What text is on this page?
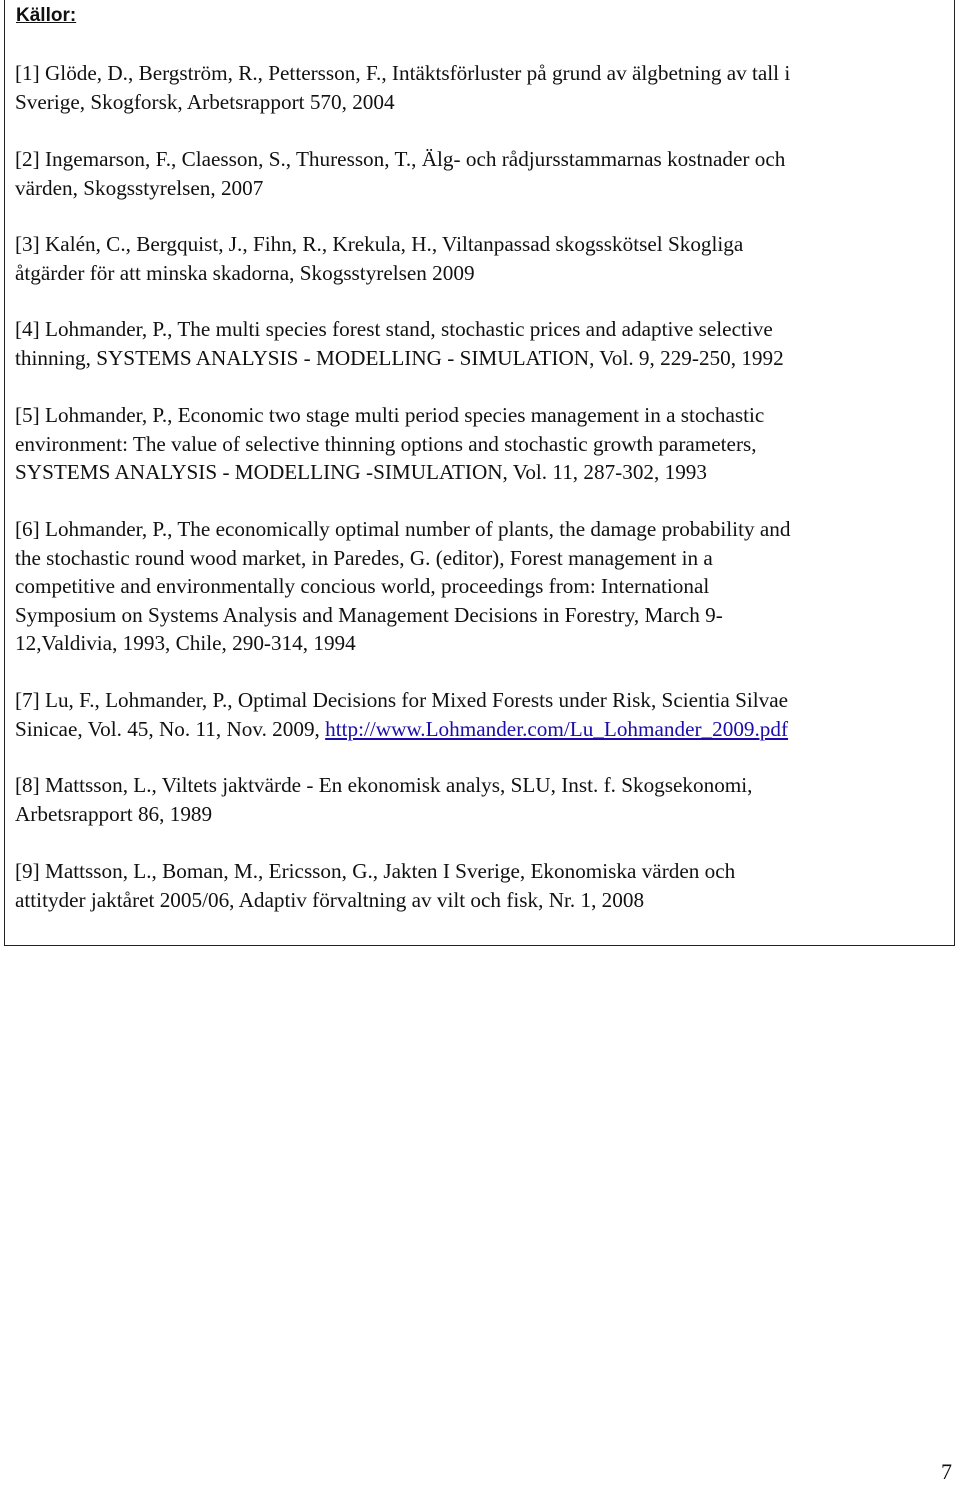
Källor:

[1] Glöde, D., Bergström, R., Pettersson, F., Intäktsförluster på grund av älgbetning av tall i
Sverige, Skogforsk, Arbetsrapport 570, 2004

[2] Ingemarson, F., Claesson, S., Thuresson, T., Älg- och rådjursstammarnas kostnader och
värden, Skogsstyrelsen, 2007

[3] Kalén, C., Bergquist, J., Fihn, R., Krekula, H., Viltanpassad skogsskötsel Skogliga
åtgärder för att minska skadorna, Skogsstyrelsen 2009

[4] Lohmander, P., The multi species forest stand, stochastic prices and adaptive selective
thinning, SYSTEMS ANALYSIS - MODELLING - SIMULATION, Vol. 9, 229-250, 1992

[5] Lohmander, P., Economic two stage multi period species management in a stochastic
environment: The value of selective thinning options and stochastic growth parameters,
SYSTEMS ANALYSIS - MODELLING -SIMULATION, Vol. 11, 287-302, 1993

[6] Lohmander, P., The economically optimal number of plants, the damage probability and
the stochastic round wood market, in Paredes, G. (editor), Forest management in a
competitive and environmentally concious world, proceedings from: International
Symposium on Systems Analysis and Management Decisions in Forestry, March 9-
12,Valdivia, 1993, Chile, 290-314, 1994

[7] Lu, F., Lohmander, P., Optimal Decisions for Mixed Forests under Risk, Scientia Silvae
Sinicae, Vol. 45, No. 11, Nov. 2009, http://www.Lohmander.com/Lu_Lohmander_2009.pdf

[8] Mattsson, L., Viltets jaktvärde - En ekonomisk analys, SLU, Inst. f. Skogsekonomi,
Arbetsrapport 86, 1989

[9] Mattsson, L., Boman, M., Ericsson, G., Jakten I Sverige, Ekonomiska värden och
attityder jaktåret 2005/06, Adaptiv förvaltning av vilt och fisk, Nr. 1, 2008

7
